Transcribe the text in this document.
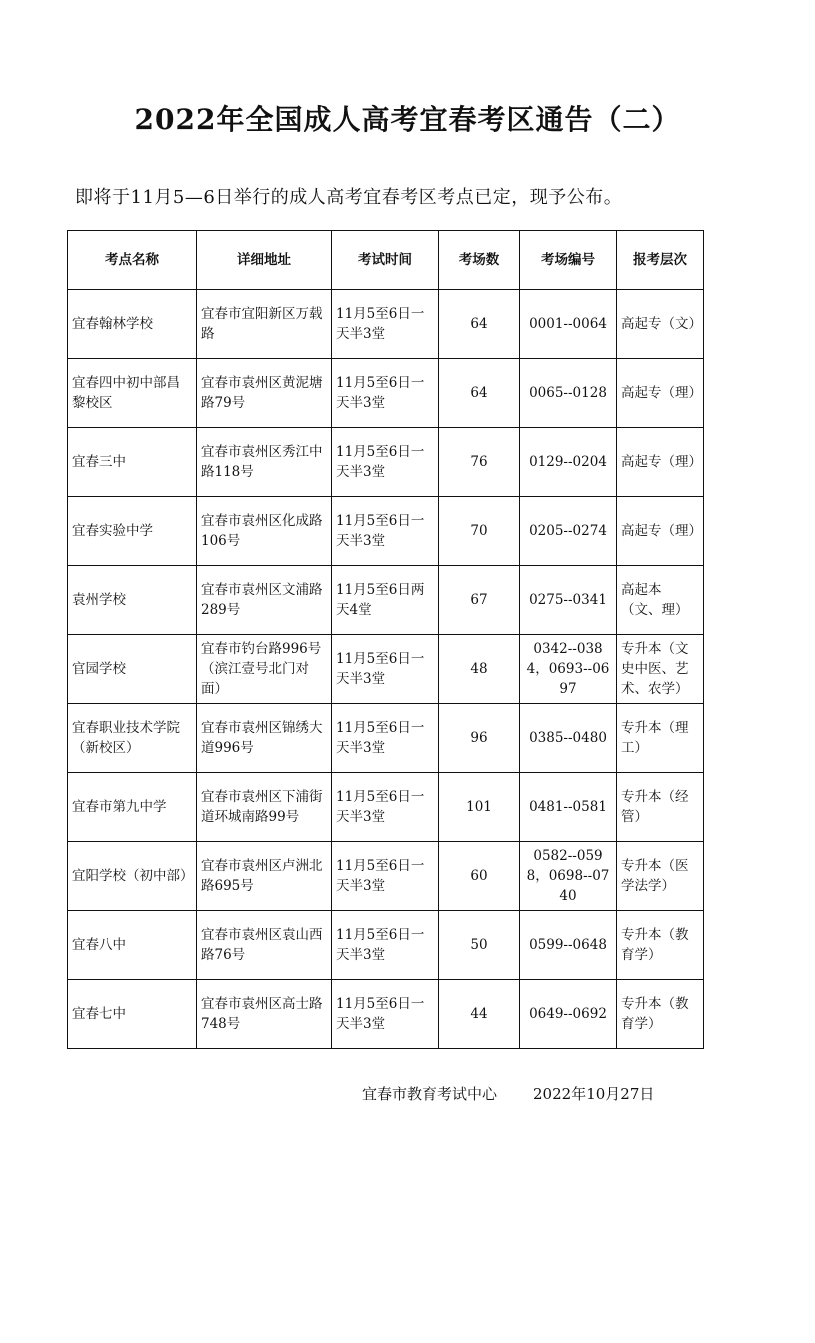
2022年全国成人高考宜春考区通告（二）
即将于11月5—6日举行的成人高考宜春考区考点已定，现予公布。
考点名称	详细地址	考试时间	考场数	考场编号	报考层次
宜春翰林学校	宜春市宜阳新区万载路	11月5至6日一天半3堂	64	0001--0064	高起专（文）
宜春四中初中部昌黎校区	宜春市袁州区黄泥塘路79号	11月5至6日一天半3堂	64	0065--0128	高起专（理）
宜春三中	宜春市袁州区秀江中路118号	11月5至6日一天半3堂	76	0129--0204	高起专（理）
宜春实验中学	宜春市袁州区化成路106号	11月5至6日一天半3堂	70	0205--0274	高起专（理）
袁州学校	宜春市袁州区文浦路289号	11月5至6日两天4堂	67	0275--0341	高起本（文、理）
官园学校	宜春市钓台路996号（滨江壹号北门对面）	11月5至6日一天半3堂	48	0342--0384，0693--0697	专升本（文史中医、艺术、农学）
宜春职业技术学院（新校区）	宜春市袁州区锦绣大道996号	11月5至6日一天半3堂	96	0385--0480	专升本（理工）
宜春市第九中学	宜春市袁州区下浦街道环城南路99号	11月5至6日一天半3堂	101	0481--0581	专升本（经管）
宜阳学校（初中部）	宜春市袁州区卢洲北路695号	11月5至6日一天半3堂	60	0582--0598，0698--0740	专升本（医学法学）
宜春八中	宜春市袁州区袁山西路76号	11月5至6日一天半3堂	50	0599--0648	专升本（教育学）
宜春七中	宜春市袁州区高士路748号	11月5至6日一天半3堂	44	0649--0692	专升本（教育学）
宜春市教育考试中心 2022年10月27日
